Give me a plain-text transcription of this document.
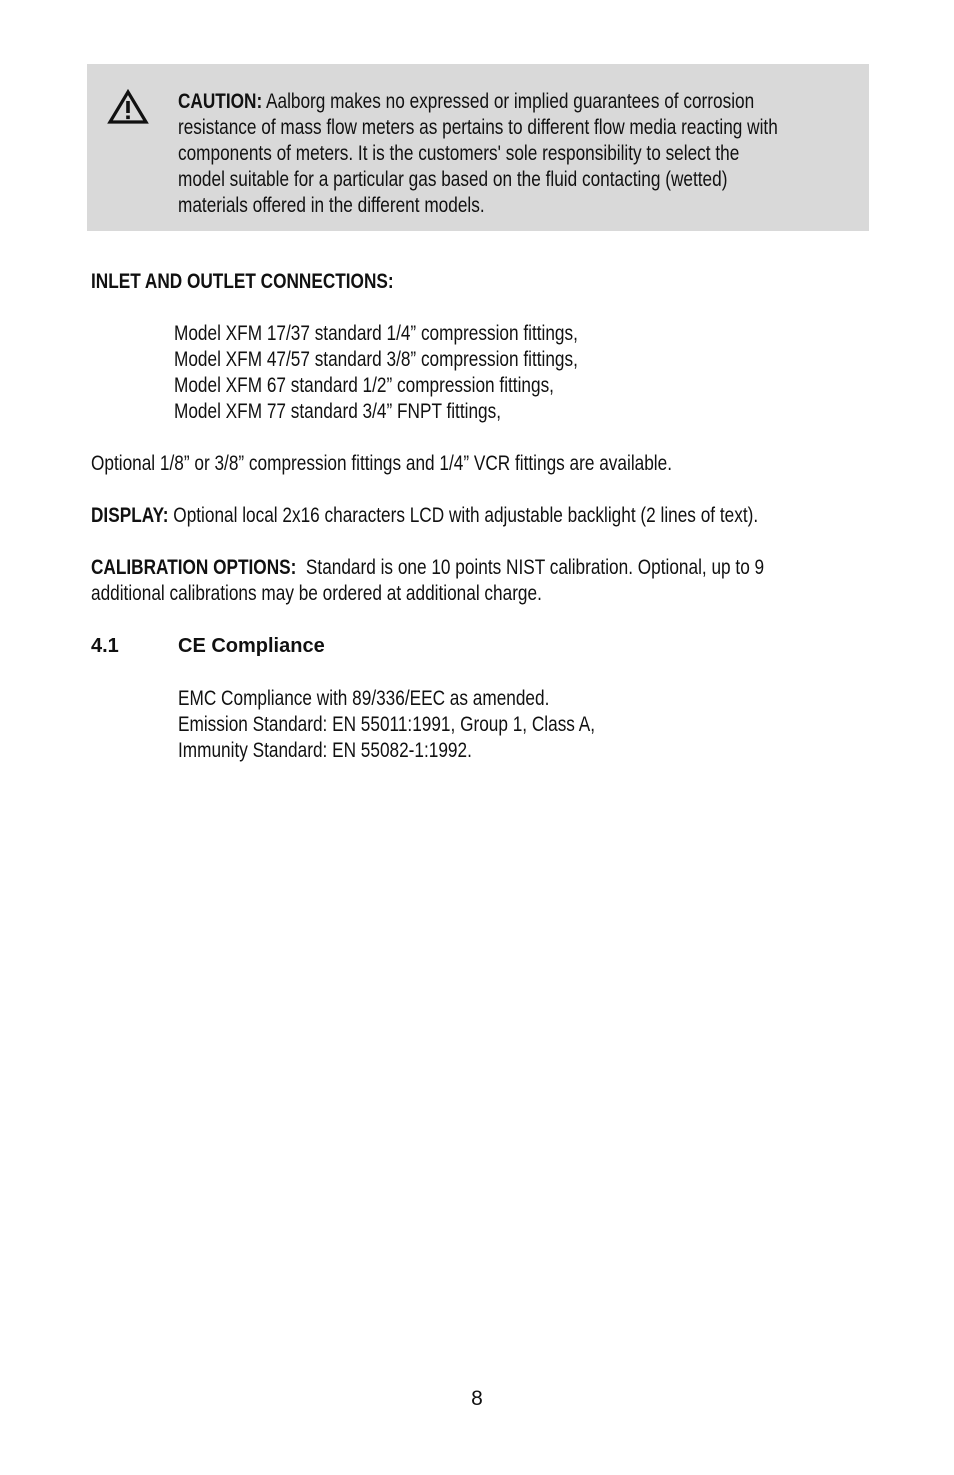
CAUTION: Aalborg makes no expressed or implied guarantees of corrosion
resistance of mass flow meters as pertains to different flow media reacting with
components of meters. It is the customers' sole responsibility to select the
model suitable for a particular gas based on the fluid contacting (wetted)
materials offered in the different models.
INLET AND OUTLET CONNECTIONS:
Model XFM 17/37 standard 1/4” compression fittings,
Model XFM 47/57 standard 3/8” compression fittings,
Model XFM 67 standard 1/2” compression fittings,
Model XFM 77 standard 3/4” FNPT fittings,
Optional 1/8” or 3/8” compression fittings and 1/4” VCR fittings are available.
DISPLAY: Optional local 2x16 characters LCD with adjustable backlight (2 lines of text).
CALIBRATION OPTIONS:  Standard is one 10 points NIST calibration. Optional, up to 9
additional calibrations may be ordered at additional charge.
4.1	CE Compliance
EMC Compliance with 89/336/EEC as amended.
Emission Standard: EN 55011:1991, Group 1, Class A,
Immunity Standard: EN 55082-1:1992.
8
